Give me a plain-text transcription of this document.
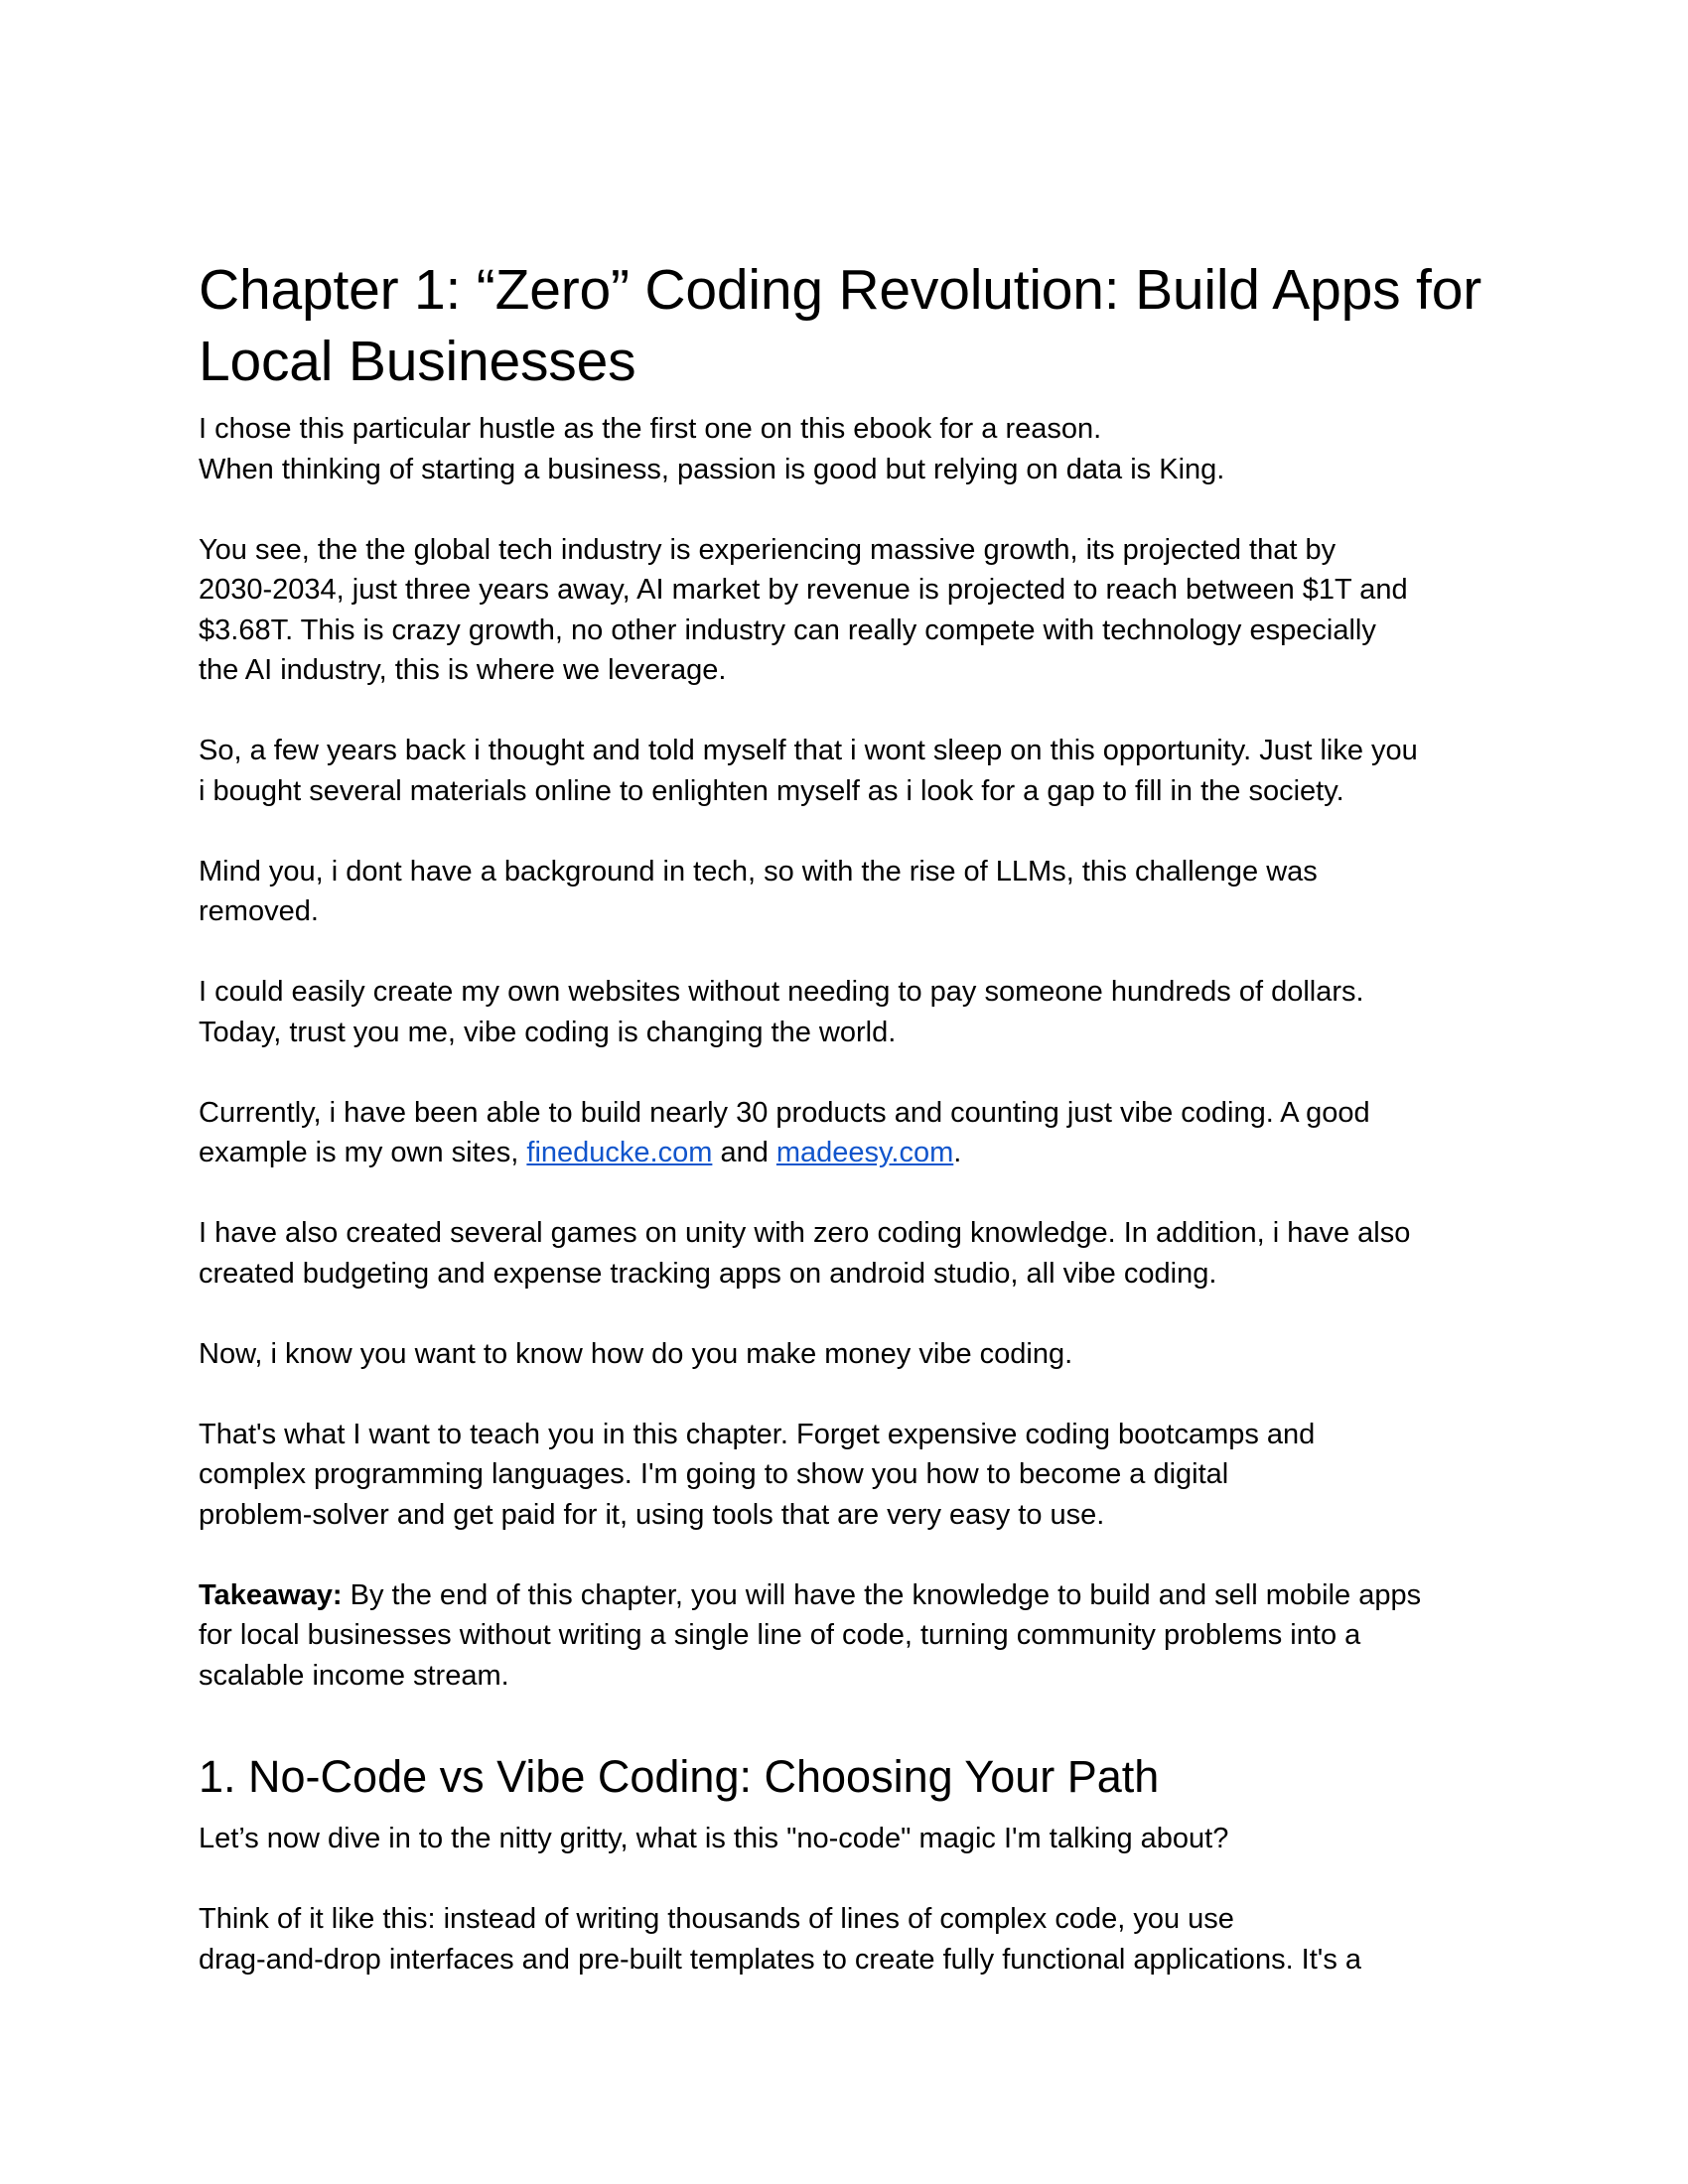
Chapter 1: “Zero” Coding Revolution: Build Apps for
Local Businesses

I chose this particular hustle as the first one on this ebook for a reason.
When thinking of starting a business, passion is good but relying on data is King.

You see, the the global tech industry is experiencing massive growth, its projected that by
2030-2034, just three years away, AI market by revenue is projected to reach between $1T and
$3.68T. This is crazy growth, no other industry can really compete with technology especially
the AI industry, this is where we leverage.

So, a few years back i thought and told myself that i wont sleep on this opportunity. Just like you
i bought several materials online to enlighten myself as i look for a gap to fill in the society.

Mind you, i dont have a background in tech, so with the rise of LLMs, this challenge was
removed.

I could easily create my own websites without needing to pay someone hundreds of dollars.
Today, trust you me, vibe coding is changing the world.

Currently, i have been able to build nearly 30 products and counting just vibe coding. A good
example is my own sites, fineducke.com and madeesy.com.

I have also created several games on unity with zero coding knowledge. In addition, i have also
created budgeting and expense tracking apps on android studio, all vibe coding.

Now, i know you want to know how do you make money vibe coding.

That's what I want to teach you in this chapter. Forget expensive coding bootcamps and
complex programming languages. I'm going to show you how to become a digital
problem-solver and get paid for it, using tools that are very easy to use.

Takeaway: By the end of this chapter, you will have the knowledge to build and sell mobile apps
for local businesses without writing a single line of code, turning community problems into a
scalable income stream.

1. No-Code vs Vibe Coding: Choosing Your Path

Let’s now dive in to the nitty gritty, what is this "no-code" magic I'm talking about?

Think of it like this: instead of writing thousands of lines of complex code, you use
drag-and-drop interfaces and pre-built templates to create fully functional applications. It's a
